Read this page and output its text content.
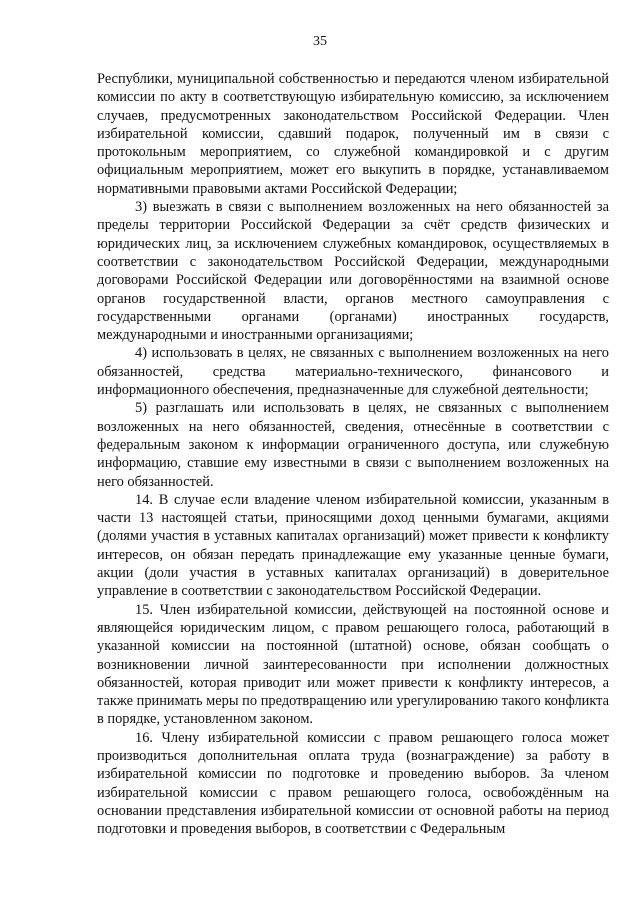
35

Республики, муниципальной собственностью и передаются членом избирательной комиссии по акту в соответствующую избирательную комиссию, за исключением случаев, предусмотренных законодательством Российской Федерации. Член избирательной комиссии, сдавший подарок, полученный им в связи с протокольным мероприятием, со служебной командировкой и с другим официальным мероприятием, может его выкупить в порядке, устанавливаемом нормативными правовыми актами Российской Федерации;

3) выезжать в связи с выполнением возложенных на него обязанностей за пределы территории Российской Федерации за счёт средств физических и юридических лиц, за исключением служебных командировок, осуществляемых в соответствии с законодательством Российской Федерации, международными договорами Российской Федерации или договорённостями на взаимной основе органов государственной власти, органов местного самоуправления с государственными органами (органами) иностранных государств, международными и иностранными организациями;

4) использовать в целях, не связанных с выполнением возложенных на него обязанностей, средства материально-технического, финансового и информационного обеспечения, предназначенные для служебной деятельности;

5) разглашать или использовать в целях, не связанных с выполнением возложенных на него обязанностей, сведения, отнесённые в соответствии с федеральным законом к информации ограниченного доступа, или служебную информацию, ставшие ему известными в связи с выполнением возложенных на него обязанностей.

14. В случае если владение членом избирательной комиссии, указанным в части 13 настоящей статьи, приносящими доход ценными бумагами, акциями (долями участия в уставных капиталах организаций) может привести к конфликту интересов, он обязан передать принадлежащие ему указанные ценные бумаги, акции (доли участия в уставных капиталах организаций) в доверительное управление в соответствии с законодательством Российской Федерации.

15. Член избирательной комиссии, действующей на постоянной основе и являющейся юридическим лицом, с правом решающего голоса, работающий в указанной комиссии на постоянной (штатной) основе, обязан сообщать о возникновении личной заинтересованности при исполнении должностных обязанностей, которая приводит или может привести к конфликту интересов, а также принимать меры по предотвращению или урегулированию такого конфликта в порядке, установленном законом.

16. Члену избирательной комиссии с правом решающего голоса может производиться дополнительная оплата труда (вознаграждение) за работу в избирательной комиссии по подготовке и проведению выборов. За членом избирательной комиссии с правом решающего голоса, освобождённым на основании представления избирательной комиссии от основной работы на период подготовки и проведения выборов, в соответствии с Федеральным
